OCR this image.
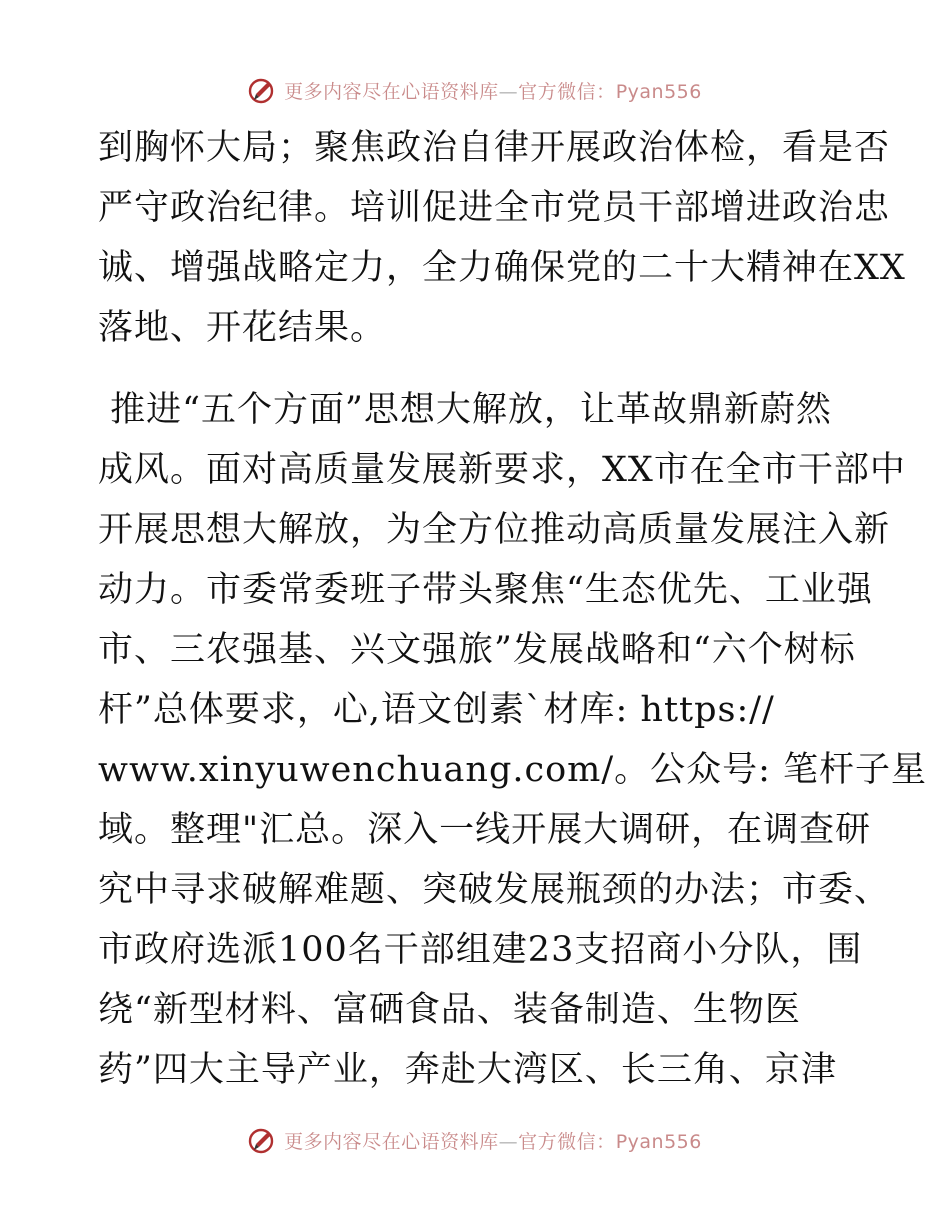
更多内容尽在心语资料库—官方微信：Pyan556

到胸怀大局；聚焦政治自律开展政治体检，看是否
严守政治纪律。培训促进全市党员干部增进政治忠
诚、增强战略定力，全力确保党的二十大精神在XX
落地、开花结果。

推进“五个方面”思想大解放，让革故鼎新蔚然
成风。面对高质量发展新要求，XX市在全市干部中
开展思想大解放，为全方位推动高质量发展注入新
动力。市委常委班子带头聚焦“生态优先、工业强
市、三农强基、兴文强旅”发展战略和“六个树标
杆”总体要求，心,语文创素`材库: https://
www.xinyuwenchuang.com/。公众号: 笔杆子星
域。整理"汇总。深入一线开展大调研，在调查研
究中寻求破解难题、突破发展瓶颈的办法；市委、
市政府选派100名干部组建23支招商小分队，围
绕“新型材料、富硒食品、装备制造、生物医
药”四大主导产业，奔赴大湾区、长三角、京津

更多内容尽在心语资料库—官方微信：Pyan556
